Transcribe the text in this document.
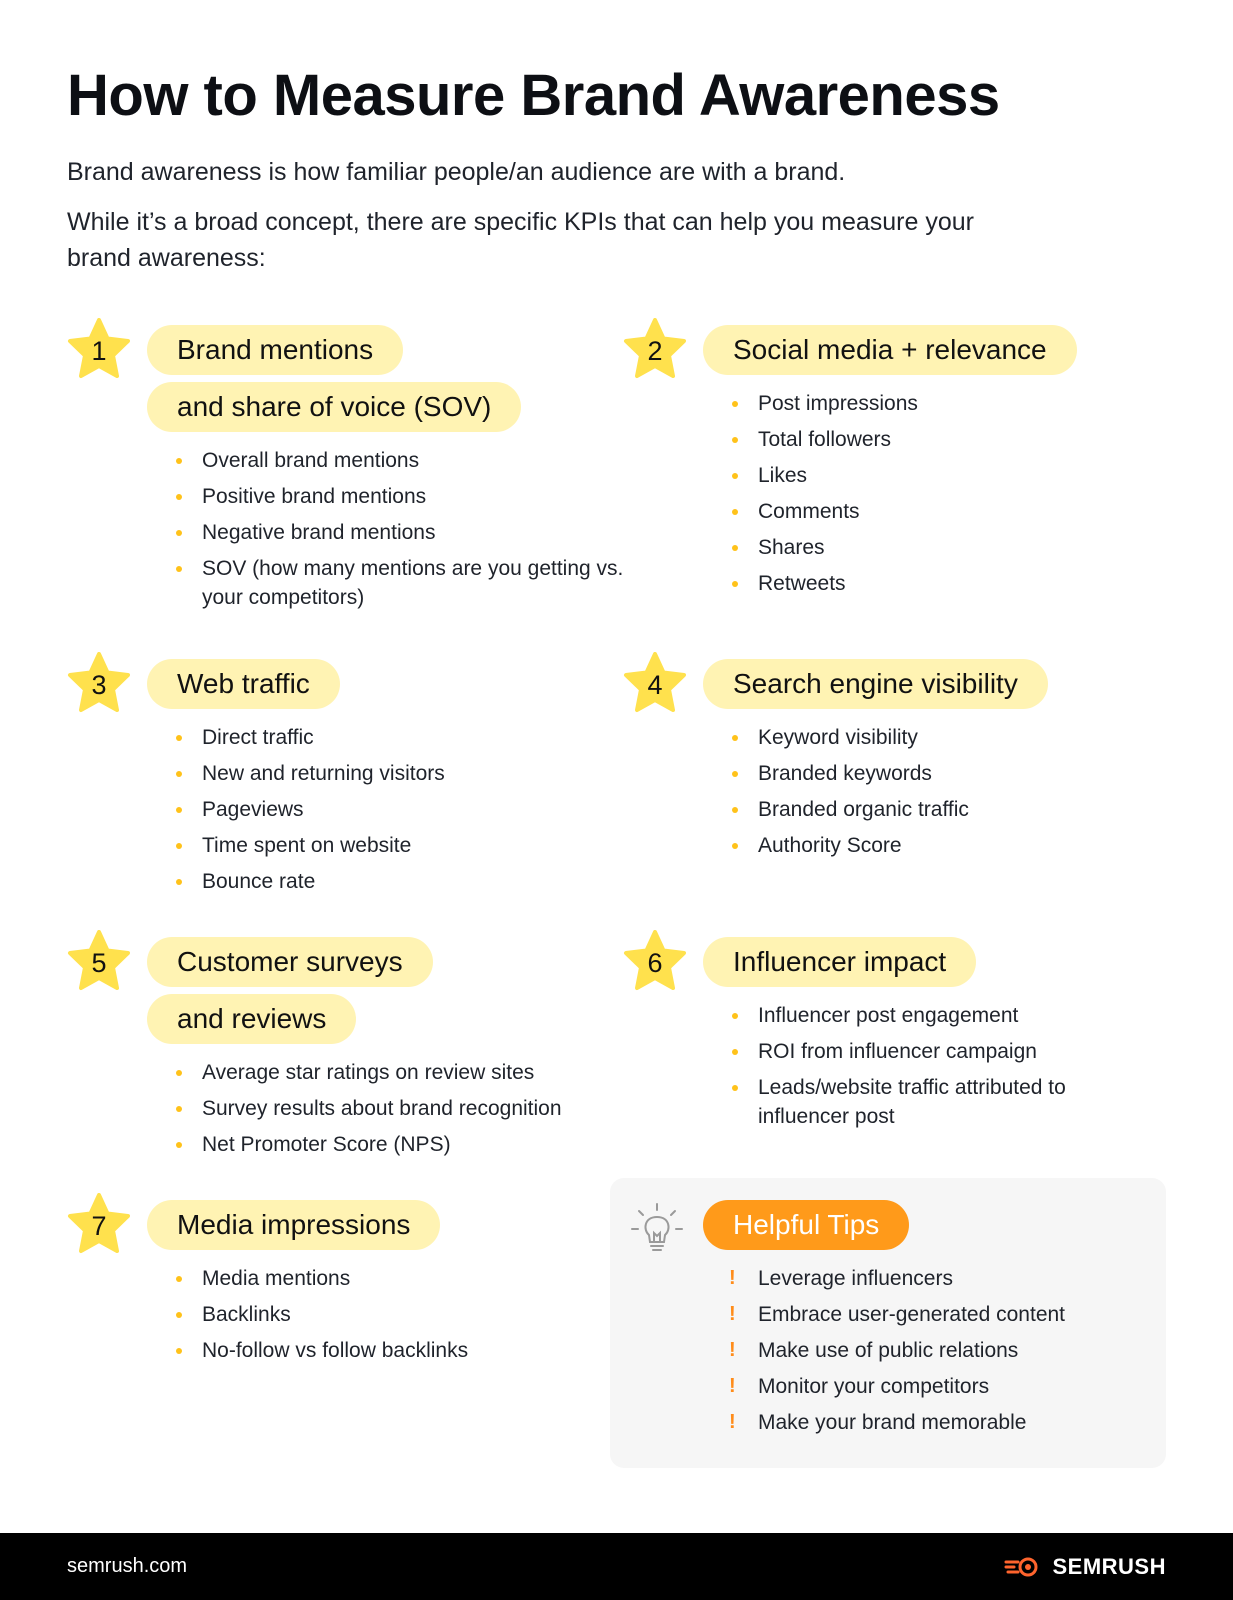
How to Measure Brand Awareness

Brand awareness is how familiar people/an audience are with a brand.

While it’s a broad concept, there are specific KPIs that can help you measure your brand awareness:

1	Brand mentions
and share of voice (SOV)
Overall brand mentions
Positive brand mentions
Negative brand mentions
SOV (how many mentions are you getting vs. your competitors)
2	Social media + relevance
Post impressions
Total followers
Likes
Comments
Shares
Retweets
3	Web traffic
Direct traffic
New and returning visitors
Pageviews
Time spent on website
Bounce rate
4	Search engine visibility
Keyword visibility
Branded keywords
Branded organic traffic
Authority Score
5	Customer surveys
and reviews
Average star ratings on review sites
Survey results about brand recognition
Net Promoter Score (NPS)
6	Influencer impact
Influencer post engagement
ROI from influencer campaign
Leads/website traffic attributed to influencer post
7	Media impressions
Media mentions
Backlinks
No-follow vs follow backlinks
Helpful Tips
! Leverage influencers
! Embrace user-generated content
! Make use of public relations
! Monitor your competitors
! Make your brand memorable
semrush.com	SEMRUSH
